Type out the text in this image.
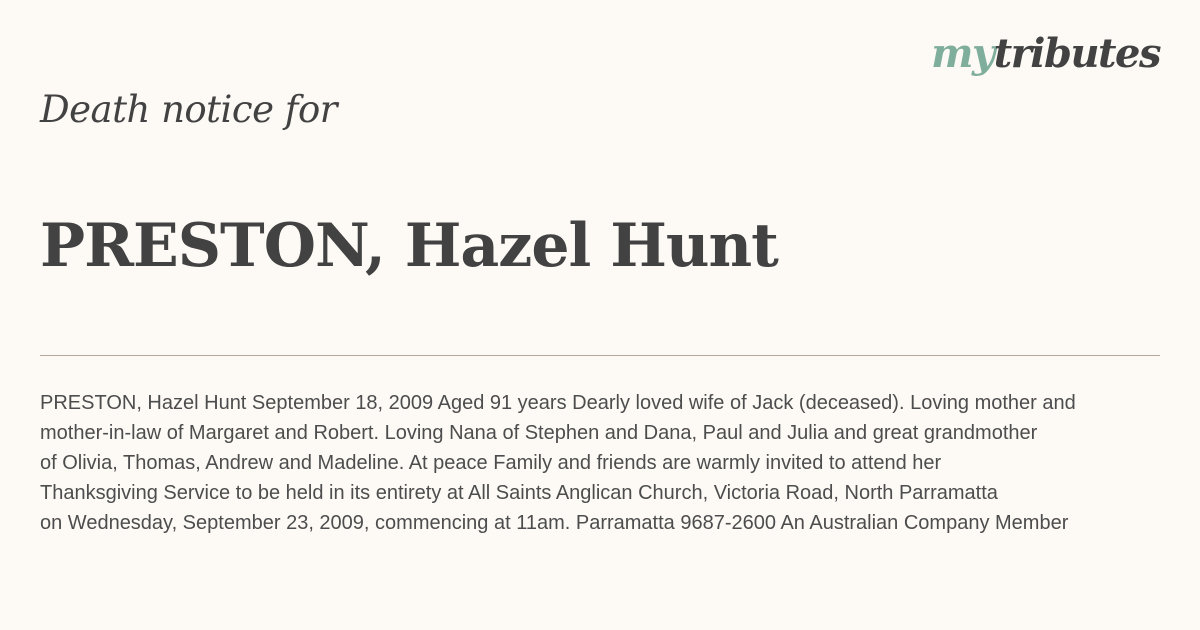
mytributes
Death notice for
PRESTON, Hazel Hunt
PRESTON, Hazel Hunt September 18, 2009 Aged 91 years Dearly loved wife of Jack (deceased). Loving mother and
mother-in-law of Margaret and Robert. Loving Nana of Stephen and Dana, Paul and Julia and great grandmother
of Olivia, Thomas, Andrew and Madeline. At peace Family and friends are warmly invited to attend her
Thanksgiving Service to be held in its entirety at All Saints Anglican Church, Victoria Road, North Parramatta
on Wednesday, September 23, 2009, commencing at 11am. Parramatta 9687-2600 An Australian Company Member
